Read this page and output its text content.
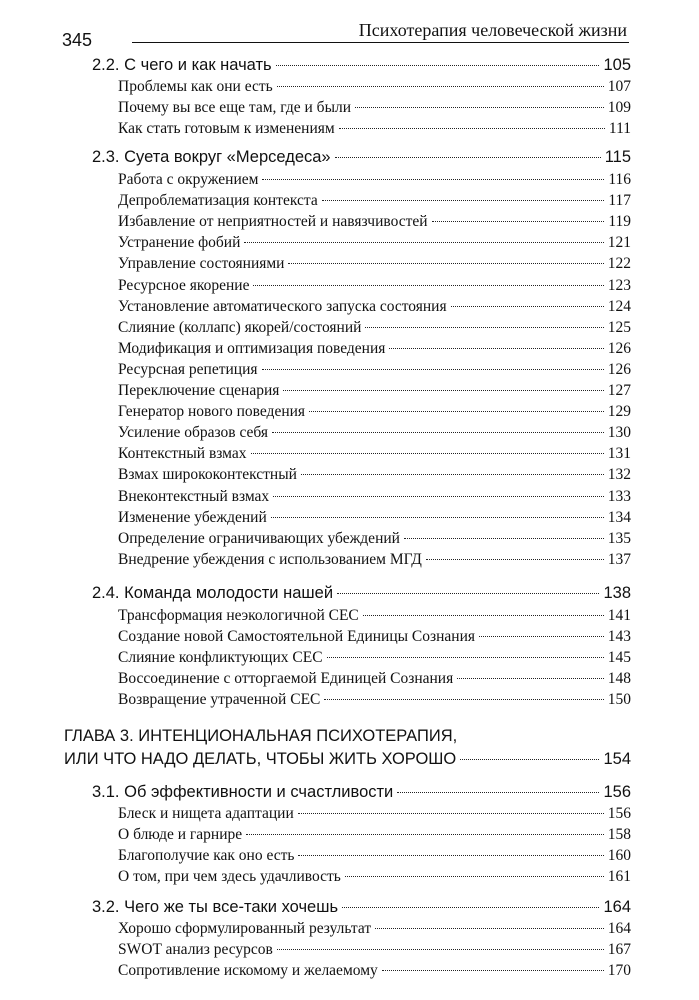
345	Психотерапия человеческой жизни
2.2. С чего и как начать	105
Проблемы как они есть	107
Почему вы все еще там, где и были	109
Как стать готовым к изменениям	111
2.3. Суета вокруг «Мерседеса»	115
Работа с окружением	116
Депроблематизация контекста	117
Избавление от неприятностей и навязчивостей	119
Устранение фобий	121
Управление состояниями	122
Ресурсное якорение	123
Установление автоматического запуска состояния	124
Слияние (коллапс) якорей/состояний	125
Модификация и оптимизация поведения	126
Ресурсная репетиция	126
Переключение сценария	127
Генератор нового поведения	129
Усиление образов себя	130
Контекстный взмах	131
Взмах ширококонтекстный	132
Внеконтекстный взмах	133
Изменение убеждений	134
Определение ограничивающих убеждений	135
Внедрение убеждения с использованием МГД	137
2.4. Команда молодости нашей	138
Трансформация неэкологичной СЕС	141
Создание новой Самостоятельной Единицы Сознания	143
Слияние конфликтующих СЕС	145
Воссоединение с отторгаемой Единицей Сознания	148
Возвращение утраченной СЕС	150
ГЛАВА 3. ИНТЕНЦИОНАЛЬНАЯ ПСИХОТЕРАПИЯ,
ИЛИ ЧТО НАДО ДЕЛАТЬ, ЧТОБЫ ЖИТЬ ХОРОШО	154
3.1. Об эффективности и счастливости	156
Блеск и нищета адаптации	156
О блюде и гарнире	158
Благополучие как оно есть	160
О том, при чем здесь удачливость	161
3.2. Чего же ты все-таки хочешь	164
Хорошо сформулированный результат	164
SWOT анализ ресурсов	167
Сопротивление искомому и желаемому	170
